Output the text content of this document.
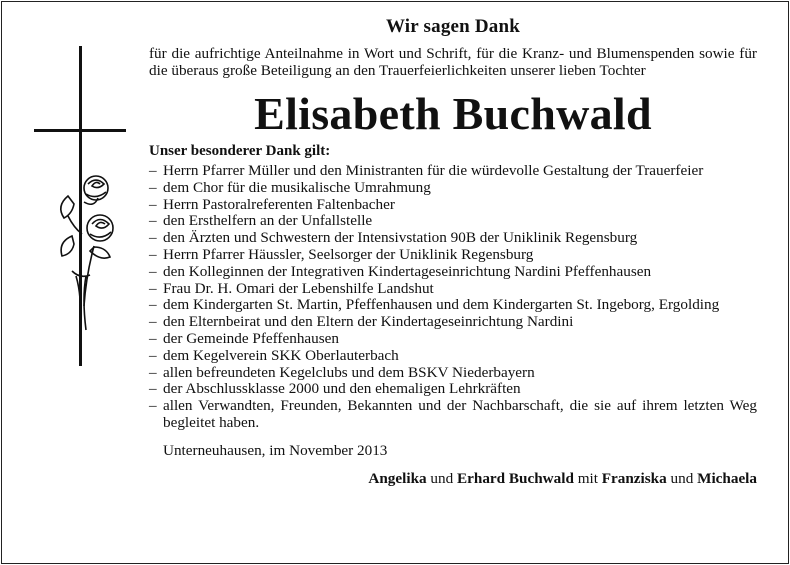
Wir sagen Dank

für die aufrichtige Anteilnahme in Wort und Schrift, für die Kranz- und Blumenspenden sowie für die überaus große Beteiligung an den Trauerfeierlichkeiten unserer lieben Tochter

Elisabeth Buchwald
Unser besonderer Dank gilt:
– Herrn Pfarrer Müller und den Ministranten für die würdevolle Gestaltung der Trauerfeier
– dem Chor für die musikalische Umrahmung
– Herrn Pastoralreferenten Faltenbacher
– den Ersthelfern an der Unfallstelle
– den Ärzten und Schwestern der Intensivstation 90B der Uniklinik Regensburg
– Herrn Pfarrer Häussler, Seelsorger der Uniklinik Regensburg
– den Kolleginnen der Integrativen Kindertageseinrichtung Nardini Pfeffenhausen
– Frau Dr. H. Omari der Lebenshilfe Landshut
– dem Kindergarten St. Martin, Pfeffenhausen und dem Kindergarten St. Ingeborg, Ergolding
– den Elternbeirat und den Eltern der Kindertageseinrichtung Nardini
– der Gemeinde Pfeffenhausen
– dem Kegelverein SKK Oberlauterbach
– allen befreundeten Kegelclubs und dem BSKV Niederbayern
– der Abschlussklasse 2000 und den ehemaligen Lehrkräften
– allen Verwandten, Freunden, Bekannten und der Nachbarschaft, die sie auf ihrem letzten Weg begleitet haben.
Unterneuhausen, im November 2013
Angelika und Erhard Buchwald mit Franziska und Michaela
